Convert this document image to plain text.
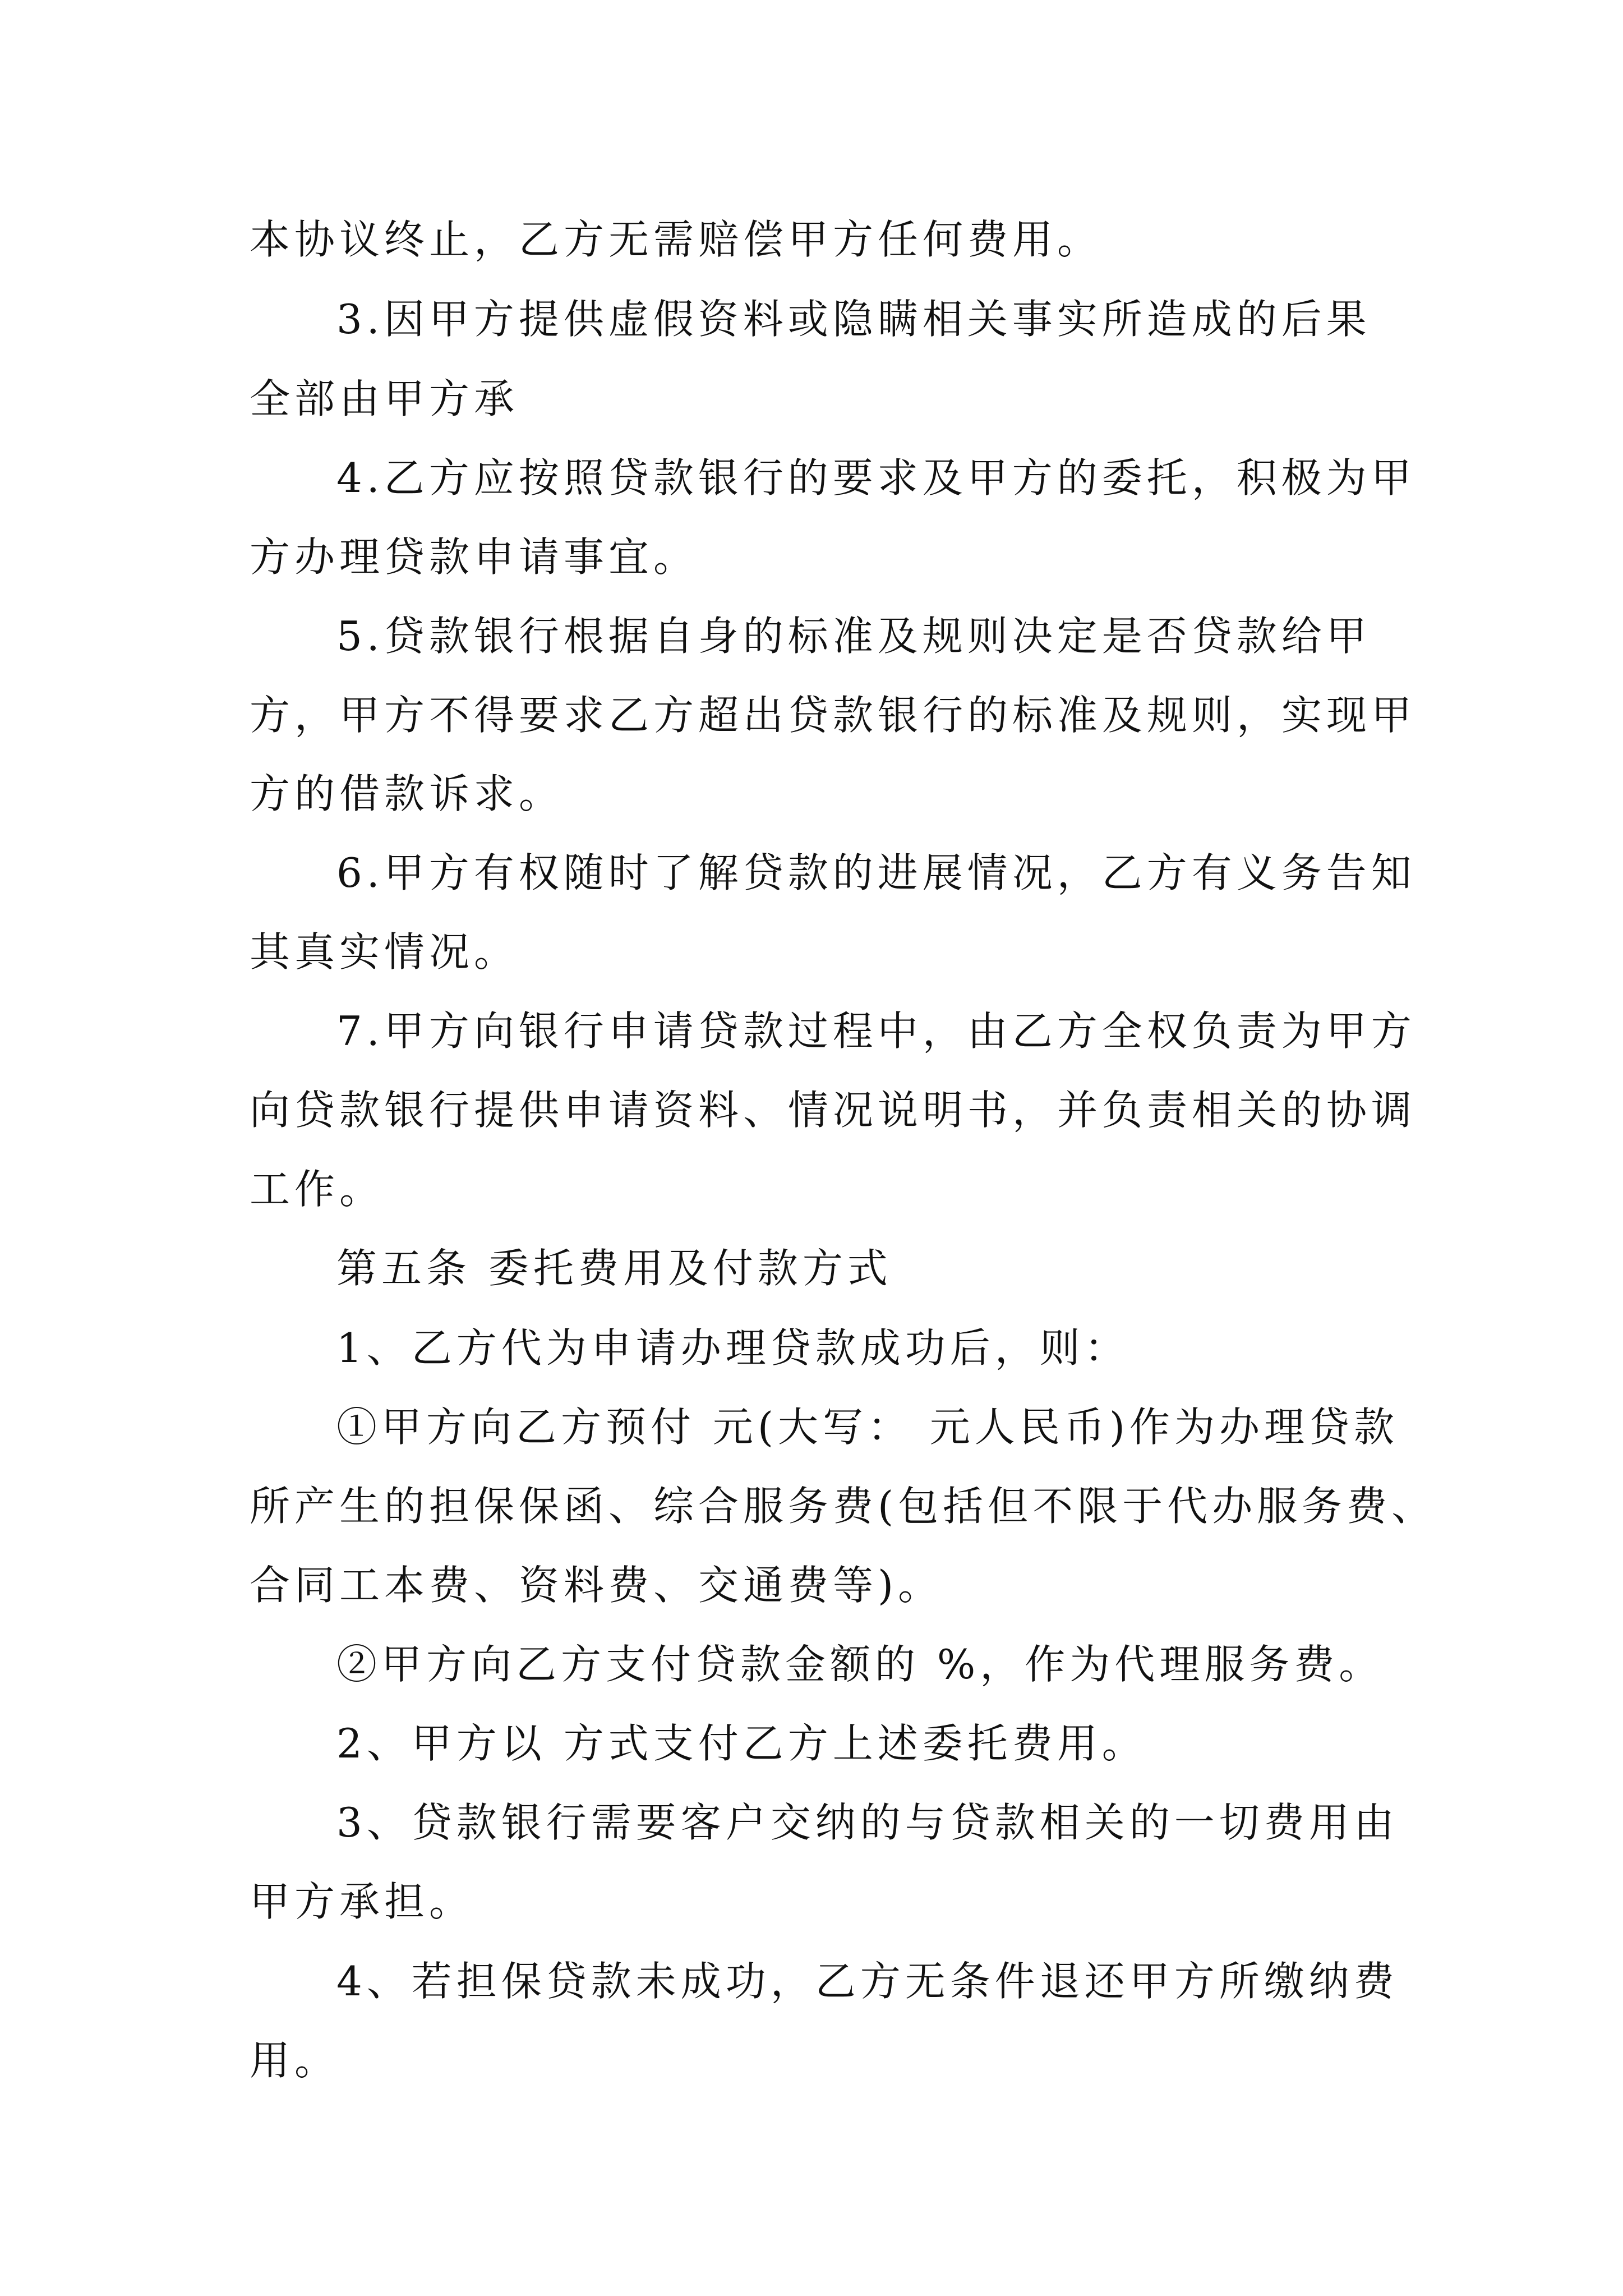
本协议终止，乙方无需赔偿甲方任何费用。
3.因甲方提供虚假资料或隐瞒相关事实所造成的后果
全部由甲方承
4.乙方应按照贷款银行的要求及甲方的委托，积极为甲
方办理贷款申请事宜。
5.贷款银行根据自身的标准及规则决定是否贷款给甲
方，甲方不得要求乙方超出贷款银行的标准及规则，实现甲
方的借款诉求。
6.甲方有权随时了解贷款的进展情况，乙方有义务告知
其真实情况。
7.甲方向银行申请贷款过程中，由乙方全权负责为甲方
向贷款银行提供申请资料、情况说明书，并负责相关的协调
工作。
第五条 委托费用及付款方式
1、乙方代为申请办理贷款成功后，则：
①甲方向乙方预付 元(大写： 元人民币)作为办理贷款
所产生的担保保函、综合服务费(包括但不限于代办服务费、
合同工本费、资料费、交通费等)。
②甲方向乙方支付贷款金额的 %，作为代理服务费。
2、甲方以 方式支付乙方上述委托费用。
3、贷款银行需要客户交纳的与贷款相关的一切费用由
甲方承担。
4、若担保贷款未成功，乙方无条件退还甲方所缴纳费
用。
